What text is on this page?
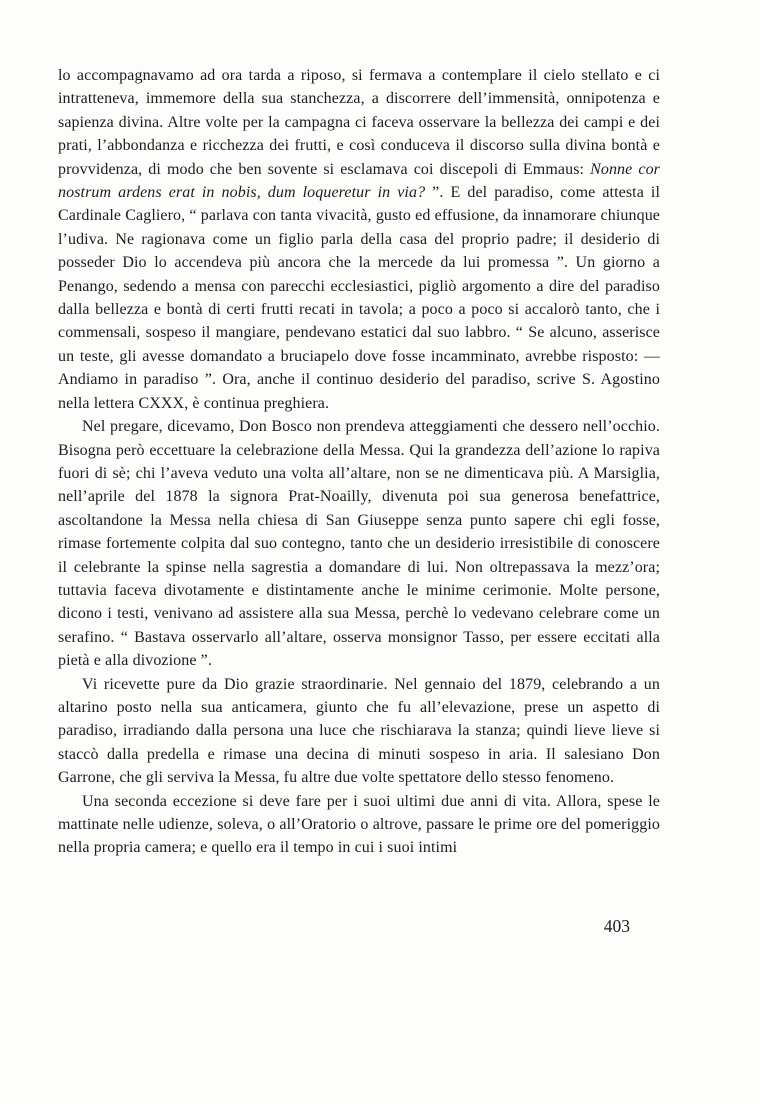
lo accompagnavamo ad ora tarda a riposo, si fermava a contemplare il cielo stellato e ci intratteneva, immemore della sua stanchezza, a discorrere dell’immensità, onnipotenza e sapienza divina. Altre volte per la campagna ci faceva osservare la bellezza dei campi e dei prati, l’abbondanza e ricchezza dei frutti, e così conduceva il discorso sulla divina bontà e provvidenza, di modo che ben sovente si esclamava coi discepoli di Emmaus: Nonne cor nostrum ardens erat in nobis, dum loqueretur in via? ”. E del paradiso, come attesta il Cardinale Cagliero, “ parlava con tanta vivacità, gusto ed effusione, da innamorare chiunque l’udiva. Ne ragionava come un figlio parla della casa del proprio padre; il desiderio di posseder Dio lo accendeva più ancora che la mercede da lui promessa ”. Un giorno a Penango, sedendo a mensa con parecchi ecclesiastici, pigliò argomento a dire del paradiso dalla bellezza e bontà di certi frutti recati in tavola; a poco a poco si accalorò tanto, che i commensali, sospeso il mangiare, pendevano estatici dal suo labbro. “ Se alcuno, asserisce un teste, gli avesse domandato a bruciapelo dove fosse incamminato, avrebbe risposto: — Andiamo in paradiso ”. Ora, anche il continuo desiderio del paradiso, scrive S. Agostino nella lettera CXXX, è continua preghiera.

Nel pregare, dicevamo, Don Bosco non prendeva atteggiamenti che dessero nell’occhio. Bisogna però eccettuare la celebrazione della Messa. Qui la grandezza dell’azione lo rapiva fuori di sè; chi l’aveva veduto una volta all’altare, non se ne dimenticava più. A Marsiglia, nell’aprile del 1878 la signora Prat-Noailly, divenuta poi sua generosa benefattrice, ascoltandone la Messa nella chiesa di San Giuseppe senza punto sapere chi egli fosse, rimase fortemente colpita dal suo contegno, tanto che un desiderio irresistibile di conoscere il celebrante la spinse nella sagrestia a domandare di lui. Non oltrepassava la mezz’ora; tuttavia faceva divotamente e distintamente anche le minime cerimonie. Molte persone, dicono i testi, venivano ad assistere alla sua Messa, perchè lo vedevano celebrare come un serafino. “ Bastava osservarlo all’altare, osserva monsignor Tasso, per essere eccitati alla pietà e alla divozione ”.

Vi ricevette pure da Dio grazie straordinarie. Nel gennaio del 1879, celebrando a un altarino posto nella sua anticamera, giunto che fu all’elevazione, prese un aspetto di paradiso, irradiando dalla persona una luce che rischiarava la stanza; quindi lieve lieve si staccò dalla predella e rimase una decina di minuti sospeso in aria. Il salesiano Don Garrone, che gli serviva la Messa, fu altre due volte spettatore dello stesso fenomeno.

Una seconda eccezione si deve fare per i suoi ultimi due anni di vita. Allora, spese le mattinate nelle udienze, soleva, o all’Oratorio o altrove, passare le prime ore del pomeriggio nella propria camera; e quello era il tempo in cui i suoi intimi

403
